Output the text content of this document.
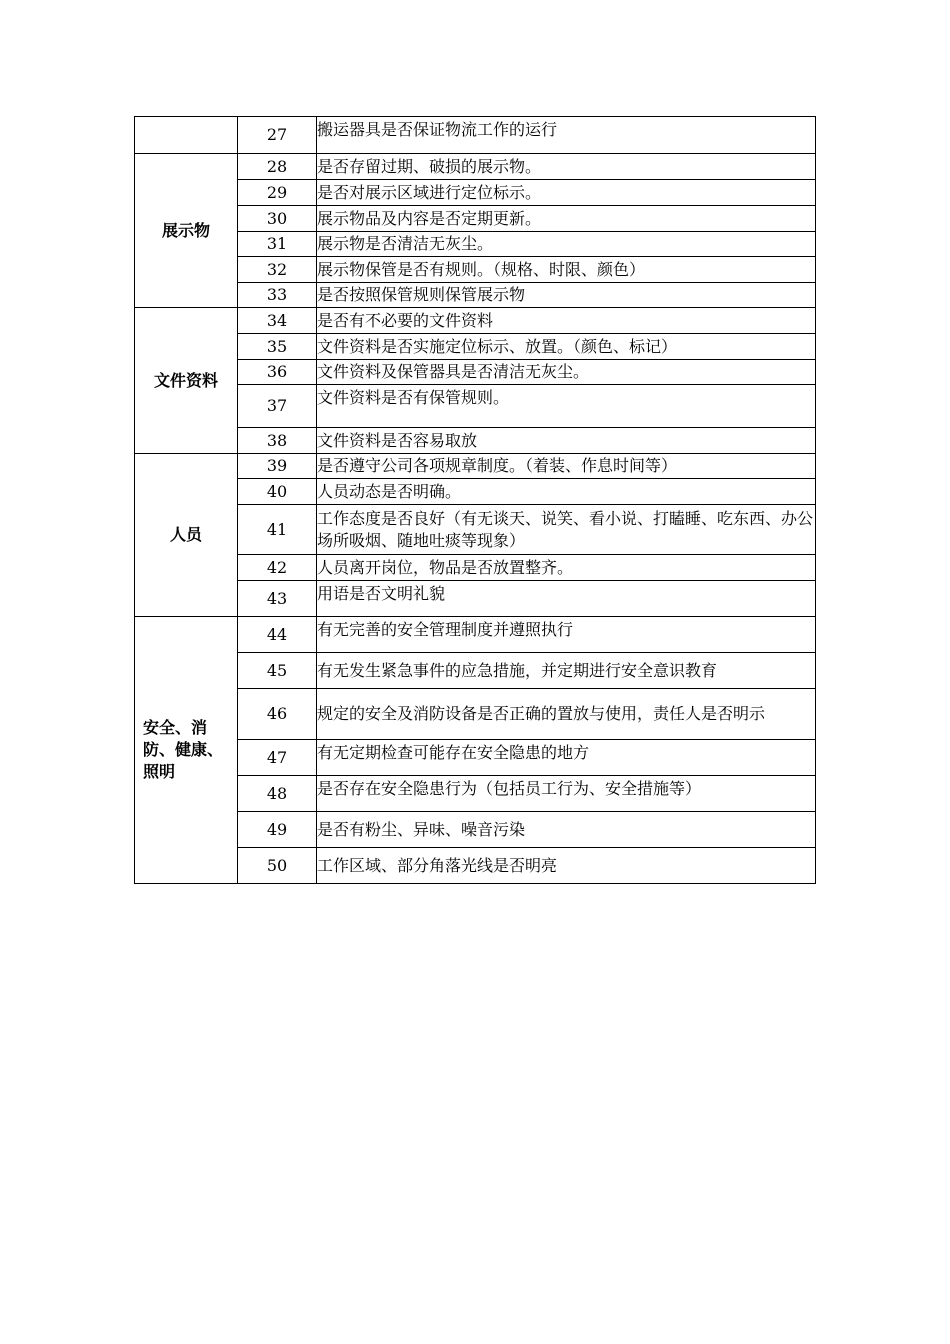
	27	搬运器具是否保证物流工作的运行
展示物	28	是否存留过期、破损的展示物。
	29	是否对展示区域进行定位标示。
	30	展示物品及内容是否定期更新。
	31	展示物是否清洁无灰尘。
	32	展示物保管是否有规则。（规格、时限、颜色）
	33	是否按照保管规则保管展示物
文件资料	34	是否有不必要的文件资料
	35	文件资料是否实施定位标示、放置。（颜色、标记）
	36	文件资料及保管器具是否清洁无灰尘。
	37	文件资料是否有保管规则。
	38	文件资料是否容易取放
人员	39	是否遵守公司各项规章制度。（着装、作息时间等）
	40	人员动态是否明确。
	41	工作态度是否良好（有无谈天、说笑、看小说、打瞌睡、吃东西、办公场所吸烟、随地吐痰等现象）
	42	人员离开岗位，物品是否放置整齐。
	43	用语是否文明礼貌
安全、消防、健康、照明	44	有无完善的安全管理制度并遵照执行
	45	有无发生紧急事件的应急措施，并定期进行安全意识教育
	46	规定的安全及消防设备是否正确的置放与使用，责任人是否明示
	47	有无定期检查可能存在安全隐患的地方
	48	是否存在安全隐患行为（包括员工行为、安全措施等）
	49	是否有粉尘、异味、噪音污染
	50	工作区域、部分角落光线是否明亮
